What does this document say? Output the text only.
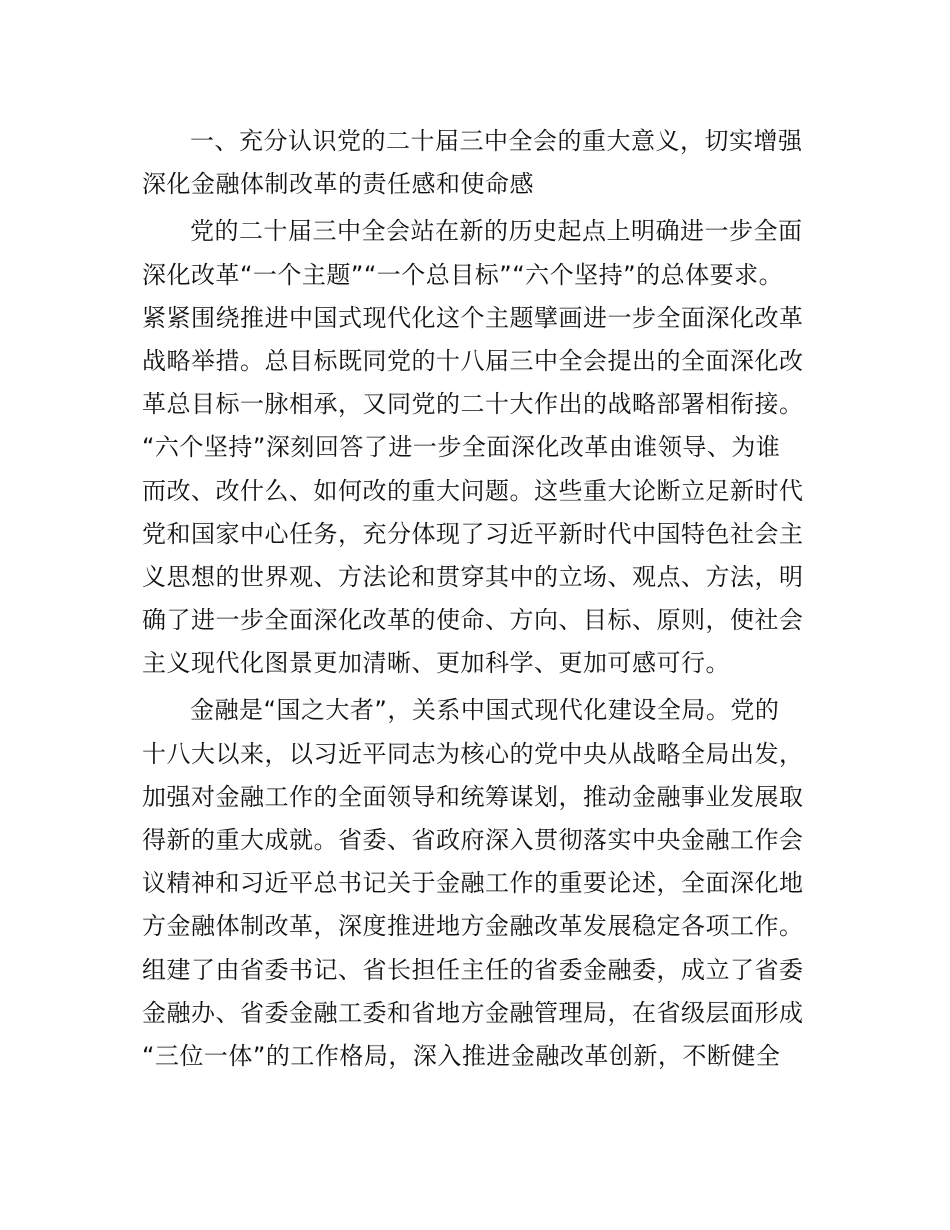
一、充分认识党的二十届三中全会的重大意义，切实增强
深化金融体制改革的责任感和使命感
党的二十届三中全会站在新的历史起点上明确进一步全面
深化改革“一个主题”“一个总目标”“六个坚持”的总体要求。
紧紧围绕推进中国式现代化这个主题擘画进一步全面深化改革
战略举措。总目标既同党的十八届三中全会提出的全面深化改
革总目标一脉相承，又同党的二十大作出的战略部署相衔接。
“六个坚持”深刻回答了进一步全面深化改革由谁领导、为谁
而改、改什么、如何改的重大问题。这些重大论断立足新时代
党和国家中心任务，充分体现了习近平新时代中国特色社会主
义思想的世界观、方法论和贯穿其中的立场、观点、方法，明
确了进一步全面深化改革的使命、方向、目标、原则，使社会
主义现代化图景更加清晰、更加科学、更加可感可行。
金融是“国之大者”，关系中国式现代化建设全局。党的
十八大以来，以习近平同志为核心的党中央从战略全局出发，
加强对金融工作的全面领导和统筹谋划，推动金融事业发展取
得新的重大成就。省委、省政府深入贯彻落实中央金融工作会
议精神和习近平总书记关于金融工作的重要论述，全面深化地
方金融体制改革，深度推进地方金融改革发展稳定各项工作。
组建了由省委书记、省长担任主任的省委金融委，成立了省委
金融办、省委金融工委和省地方金融管理局，在省级层面形成
“三位一体”的工作格局，深入推进金融改革创新，不断健全
